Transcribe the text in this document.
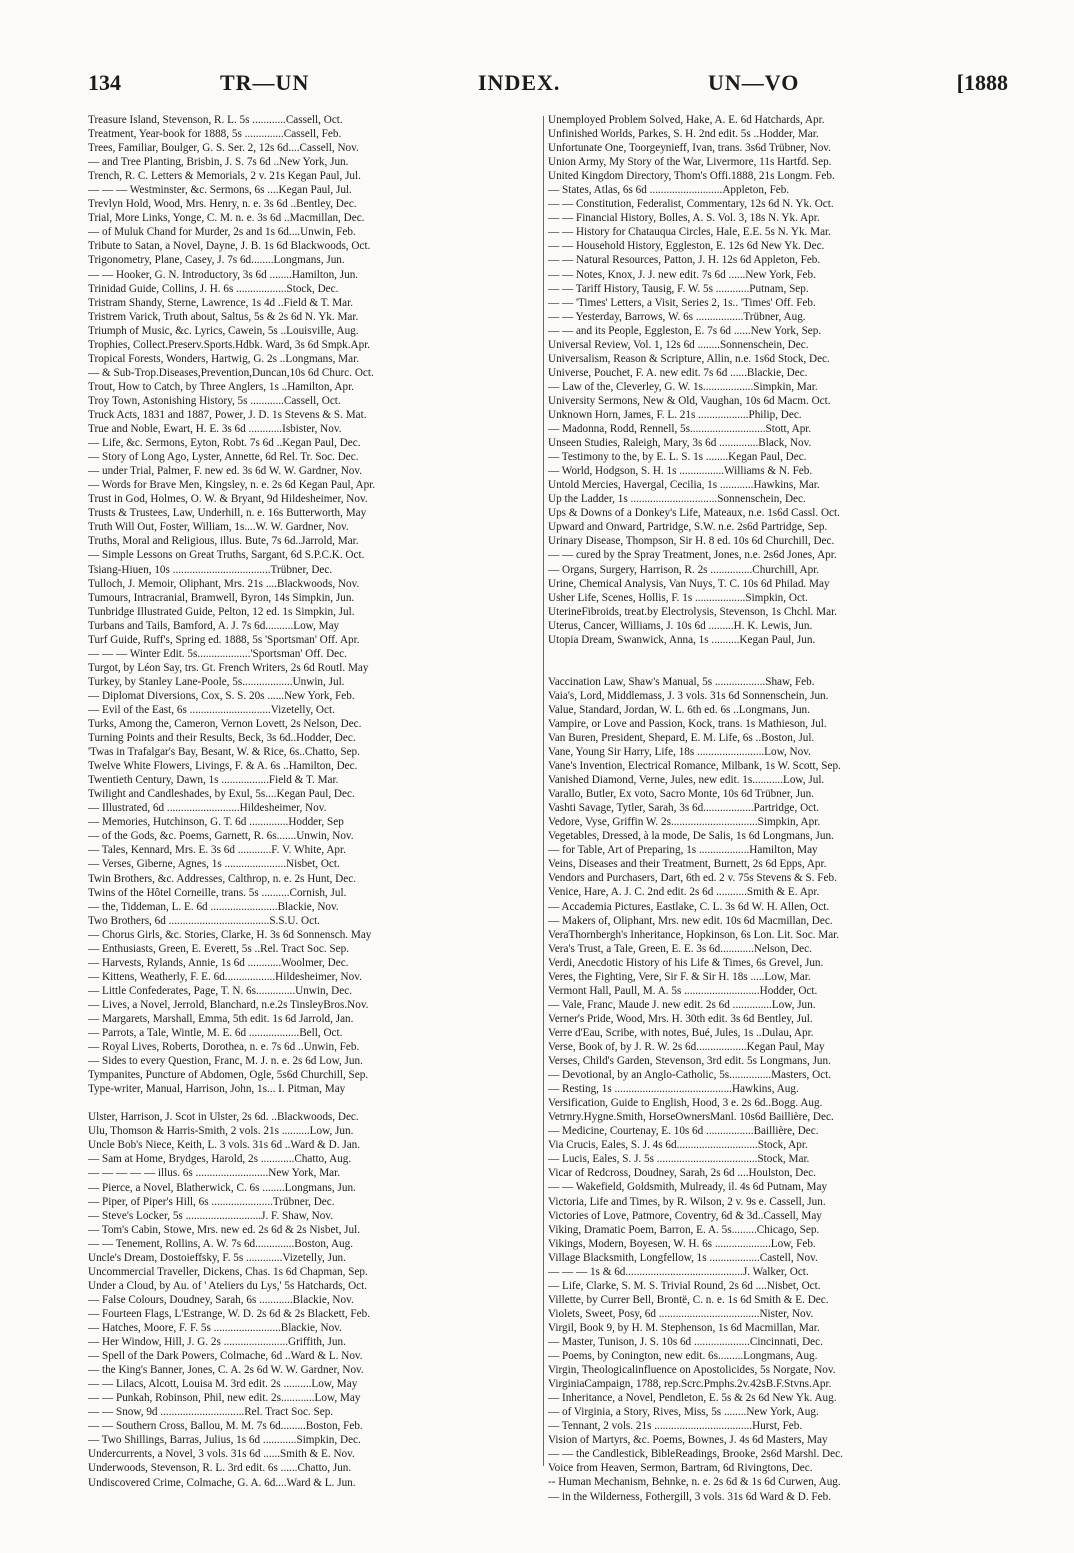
134	TR—UN	INDEX.	UN—VO	[1888
Treasure Island, Stevenson, R. L. 5s ............Cassell, Oct.
Treatment, Year-book for 1888, 5s ..............Cassell, Feb.
Trees, Familiar, Boulger, G. S. Ser. 2, 12s 6d....Cassell, Nov.
— and Tree Planting, Brisbin, J. S. 7s 6d ..New York, Jun.
Trench, R. C. Letters & Memorials, 2 v. 21s Kegan Paul, Jul.
— — — Westminster, &c. Sermons, 6s ....Kegan Paul, Jul.
Trevlyn Hold, Wood, Mrs. Henry, n. e. 3s 6d ..Bentley, Dec.
Trial, More Links, Yonge, C. M. n. e. 3s 6d ..Macmillan, Dec.
— of Muluk Chand for Murder, 2s and 1s 6d....Unwin, Feb.
Tribute to Satan, a Novel, Dayne, J. B. 1s 6d Blackwoods, Oct.
Trigonometry, Plane, Casey, J. 7s 6d........Longmans, Jun.
— — Hooker, G. N. Introductory, 3s 6d ........Hamilton, Jun.
Trinidad Guide, Collins, J. H. 6s ..................Stock, Dec.
Tristram Shandy, Sterne, Lawrence, 1s 4d ..Field & T. Mar.
Tristrem Varick, Truth about, Saltus, 5s & 2s 6d N. Yk. Mar.
Triumph of Music, &c. Lyrics, Cawein, 5s ..Louisville, Aug.
Trophies, Collect.Preserv.Sports.Hdbk. Ward, 3s 6d Smpk.Apr.
Tropical Forests, Wonders, Hartwig, G. 2s ..Longmans, Mar.
— & Sub-Trop.Diseases,Prevention,Duncan,10s 6d Churc. Oct.
Trout, How to Catch, by Three Anglers, 1s ..Hamilton, Apr.
Troy Town, Astonishing History, 5s ............Cassell, Oct.
Truck Acts, 1831 and 1887, Power, J. D. 1s Stevens & S. Mat.
True and Noble, Ewart, H. E. 3s 6d ............Isbister, Nov.
— Life, &c. Sermons, Eyton, Robt. 7s 6d ..Kegan Paul, Dec.
— Story of Long Ago, Lyster, Annette, 6d Rel. Tr. Soc. Dec.
— under Trial, Palmer, F. new ed. 3s 6d W. W. Gardner, Nov.
— Words for Brave Men, Kingsley, n. e. 2s 6d Kegan Paul, Apr.
Trust in God, Holmes, O. W. & Bryant, 9d Hildesheimer, Nov.
Trusts & Trustees, Law, Underhill, n. e. 16s Butterworth, May
Truth Will Out, Foster, William, 1s....W. W. Gardner, Nov.
Truths, Moral and Religious, illus. Bute, 7s 6d..Jarrold, Mar.
— Simple Lessons on Great Truths, Sargant, 6d S.P.C.K. Oct.
Tsiang-Hiuen, 10s ...................................Trübner, Dec.
Tulloch, J. Memoir, Oliphant, Mrs. 21s ....Blackwoods, Nov.
Tumours, Intracranial, Bramwell, Byron, 14s Simpkin, Jun.
Tunbridge Illustrated Guide, Pelton, 12 ed. 1s Simpkin, Jul.
Turbans and Tails, Bamford, A. J. 7s 6d..........Low, May
Turf Guide, Ruff's, Spring ed. 1888, 5s 'Sportsman' Off. Apr.
— — — Winter Edit. 5s...................'Sportsman' Off. Dec.
Turgot, by Léon Say, trs. Gt. French Writers, 2s 6d Routl. May
Turkey, by Stanley Lane-Poole, 5s..................Unwin, Jul.
— Diplomat Diversions, Cox, S. S. 20s ......New York, Feb.
— Evil of the East, 6s .............................Vizetelly, Oct.
Turks, Among the, Cameron, Vernon Lovett, 2s Nelson, Dec.
Turning Points and their Results, Beck, 3s 6d..Hodder, Dec.
'Twas in Trafalgar's Bay, Besant, W. & Rice, 6s..Chatto, Sep.
Twelve White Flowers, Livings, F. & A. 6s ..Hamilton, Dec.
Twentieth Century, Dawn, 1s .................Field & T. Mar.
Twilight and Candleshades, by Exul, 5s....Kegan Paul, Dec.
— Illustrated, 6d ..........................Hildesheimer, Nov.
— Memories, Hutchinson, G. T. 6d ..............Hodder, Sep
— of the Gods, &c. Poems, Garnett, R. 6s.......Unwin, Nov.
— Tales, Kennard, Mrs. E. 3s 6d ............F. V. White, Apr.
— Verses, Giberne, Agnes, 1s ......................Nisbet, Oct.
Twin Brothers, &c. Addresses, Calthrop, n. e. 2s Hunt, Dec.
Twins of the Hôtel Corneille, trans. 5s ..........Cornish, Jul.
— the, Tiddeman, L. E. 6d ........................Blackie, Nov.
Two Brothers, 6d ....................................S.S.U. Oct.
— Chorus Girls, &c. Stories, Clarke, H. 3s 6d Sonnensch. May
— Enthusiasts, Green, E. Everett, 5s ..Rel. Tract Soc. Sep.
— Harvests, Rylands, Annie, 1s 6d ............Woolmer, Dec.
— Kittens, Weatherly, F. E. 6d..................Hildesheimer, Nov.
— Little Confederates, Page, T. N. 6s..............Unwin, Dec.
— Lives, a Novel, Jerrold, Blanchard, n.e.2s TinsleyBros.Nov.
— Margarets, Marshall, Emma, 5th edit. 1s 6d Jarrold, Jan.
— Parrots, a Tale, Wintle, M. E. 6d ..................Bell, Oct.
— Royal Lives, Roberts, Dorothea, n. e. 7s 6d ..Unwin, Feb.
— Sides to every Question, Franc, M. J. n. e. 2s 6d Low, Jun.
Tympanites, Puncture of Abdomen, Ogle, 5s6d Churchill, Sep.
Type-writer, Manual, Harrison, John, 1s... I. Pitman, May
Ulster, Harrison, J. Scot in Ulster, 2s 6d. ..Blackwoods, Dec.
Ulu, Thomson & Harris-Smith, 2 vols. 21s ..........Low, Jun.
Uncle Bob's Niece, Keith, L. 3 vols. 31s 6d ..Ward & D. Jan.
— Sam at Home, Brydges, Harold, 2s ............Chatto, Aug.
— — — — — illus. 6s ..........................New York, Mar.
— Pierce, a Novel, Blatherwick, C. 6s ........Longmans, Jun.
— Piper, of Piper's Hill, 6s ......................Trübner, Dec.
— Steve's Locker, 5s ...........................J. F. Shaw, Nov.
— Tom's Cabin, Stowe, Mrs. new ed. 2s 6d & 2s Nisbet, Jul.
— — Tenement, Rollins, A. W. 7s 6d..............Boston, Aug.
Uncle's Dream, Dostoieffsky, F. 5s .............Vizetelly, Jun.
Uncommercial Traveller, Dickens, Chas. 1s 6d Chapman, Sep.
Under a Cloud, by Au. of ' Ateliers du Lys,' 5s Hatchards, Oct.
— False Colours, Doudney, Sarah, 6s ............Blackie, Nov.
— Fourteen Flags, L'Estrange, W. D. 2s 6d & 2s Blackett, Feb.
— Hatches, Moore, F. F. 5s ........................Blackie, Nov.
— Her Window, Hill, J. G. 2s .......................Griffith, Jun.
— Spell of the Dark Powers, Colmache, 6d ..Ward & L. Nov.
— the King's Banner, Jones, C. A. 2s 6d W. W. Gardner, Nov.
— — Lilacs, Alcott, Louisa M. 3rd edit. 2s ..........Low, May
— — Punkah, Robinson, Phil, new edit. 2s............Low, May
— — Snow, 9d ..............................Rel. Tract Soc. Sep.
— — Southern Cross, Ballou, M. M. 7s 6d.........Boston, Feb.
— Two Shillings, Barras, Julius, 1s 6d ............Simpkin, Dec.
Undercurrents, a Novel, 3 vols. 31s 6d ......Smith & E. Nov.
Underwoods, Stevenson, R. L. 3rd edit. 6s ......Chatto, Jun.
Undiscovered Crime, Colmache, G. A. 6d....Ward & L. Jun.
Unemployed Problem Solved, Hake, A. E. 6d Hatchards, Apr.
Unfinished Worlds, Parkes, S. H. 2nd edit. 5s ..Hodder, Mar.
Unfortunate One, Toorgeynieff, Ivan, trans. 3s6d Trübner, Nov.
Union Army, My Story of the War, Livermore, 11s Hartfd. Sep.
United Kingdom Directory, Thom's Offi.1888, 21s Longm. Feb.
— States, Atlas, 6s 6d ..........................Appleton, Feb.
— — Constitution, Federalist, Commentary, 12s 6d N. Yk. Oct.
— — Financial History, Bolles, A. S. Vol. 3, 18s N. Yk. Apr.
— — History for Chatauqua Circles, Hale, E.E. 5s N. Yk. Mar.
— — Household History, Eggleston, E. 12s 6d New Yk. Dec.
— — Natural Resources, Patton, J. H. 12s 6d Appleton, Feb.
— — Notes, Knox, J. J. new edit. 7s 6d ......New York, Feb.
— — Tariff History, Tausig, F. W. 5s ............Putnam, Sep.
— — 'Times' Letters, a Visit, Series 2, 1s.. 'Times' Off. Feb.
— — Yesterday, Barrows, W. 6s .................Trübner, Aug.
— — and its People, Eggleston, E. 7s 6d ......New York, Sep.
Universal Review, Vol. 1, 12s 6d ........Sonnenschein, Dec.
Universalism, Reason & Scripture, Allin, n.e. 1s6d Stock, Dec.
Universe, Pouchet, F. A. new edit. 7s 6d ......Blackie, Dec.
— Law of the, Cleverley, G. W. 1s..................Simpkin, Mar.
University Sermons, New & Old, Vaughan, 10s 6d Macm. Oct.
Unknown Horn, James, F. L. 21s ..................Philip, Dec.
— Madonna, Rodd, Rennell, 5s...........................Stott, Apr.
Unseen Studies, Raleigh, Mary, 3s 6d ..............Black, Nov.
— Testimony to the, by E. L. S. 1s ........Kegan Paul, Dec.
— World, Hodgson, S. H. 1s ................Williams & N. Feb.
Untold Mercies, Havergal, Cecilia, 1s ............Hawkins, Mar.
Up the Ladder, 1s ...............................Sonnenschein, Dec.
Ups & Downs of a Donkey's Life, Mateaux, n.e. 1s6d Cassl. Oct.
Upward and Onward, Partridge, S.W. n.e. 2s6d Partridge, Sep.
Urinary Disease, Thompson, Sir H. 8 ed. 10s 6d Churchill, Dec.
— — cured by the Spray Treatment, Jones, n.e. 2s6d Jones, Apr.
— Organs, Surgery, Harrison, R. 2s ...............Churchill, Apr.
Urine, Chemical Analysis, Van Nuys, T. C. 10s 6d Philad. May
Usher Life, Scenes, Hollis, F. 1s ..................Simpkin, Oct.
UterineFibroids, treat.by Electrolysis, Stevenson, 1s Chchl. Mar.
Uterus, Cancer, Williams, J. 10s 6d .........H. K. Lewis, Jun.
Utopia Dream, Swanwick, Anna, 1s ..........Kegan Paul, Jun.
Vaccination Law, Shaw's Manual, 5s ..................Shaw, Feb.
Vaia's, Lord, Middlemass, J. 3 vols. 31s 6d Sonnenschein, Jun.
Value, Standard, Jordan, W. L. 6th ed. 6s ..Longmans, Jun.
Vampire, or Love and Passion, Kock, trans. 1s Mathieson, Jul.
Van Buren, President, Shepard, E. M. Life, 6s ..Boston, Jul.
Vane, Young Sir Harry, Life, 18s ........................Low, Nov.
Vane's Invention, Electrical Romance, Milbank, 1s W. Scott, Sep.
Vanished Diamond, Verne, Jules, new edit. 1s...........Low, Jul.
Varallo, Butler, Ex voto, Sacro Monte, 10s 6d Trübner, Jun.
Vashti Savage, Tytler, Sarah, 3s 6d..................Partridge, Oct.
Vedore, Vyse, Griffin W. 2s...............................Simpkin, Apr.
Vegetables, Dressed, à la mode, De Salis, 1s 6d Longmans, Jun.
— for Table, Art of Preparing, 1s ..................Hamilton, May
Veins, Diseases and their Treatment, Burnett, 2s 6d Epps, Apr.
Vendors and Purchasers, Dart, 6th ed. 2 v. 75s Stevens & S. Feb.
Venice, Hare, A. J. C. 2nd edit. 2s 6d ...........Smith & E. Apr.
— Accademia Pictures, Eastlake, C. L. 3s 6d W. H. Allen, Oct.
— Makers of, Oliphant, Mrs. new edit. 10s 6d Macmillan, Dec.
VeraThornbergh's Inheritance, Hopkinson, 6s Lon. Lit. Soc. Mar.
Vera's Trust, a Tale, Green, E. E. 3s 6d............Nelson, Dec.
Verdi, Anecdotic History of his Life & Times, 6s Grevel, Jun.
Veres, the Fighting, Vere, Sir F. & Sir H. 18s .....Low, Mar.
Vermont Hall, Paull, M. A. 5s ...........................Hodder, Oct.
— Vale, Franc, Maude J. new edit. 2s 6d ..............Low, Jun.
Verner's Pride, Wood, Mrs. H. 30th edit. 3s 6d Bentley, Jul.
Verre d'Eau, Scribe, with notes, Bué, Jules, 1s ..Dulau, Apr.
Verse, Book of, by J. R. W. 2s 6d..................Kegan Paul, May
Verses, Child's Garden, Stevenson, 3rd edit. 5s Longmans, Jun.
— Devotional, by an Anglo-Catholic, 5s...............Masters, Oct.
— Resting, 1s ..........................................Hawkins, Aug.
Versification, Guide to English, Hood, 3 e. 2s 6d..Bogg. Aug.
Vetrnry.Hygne.Smith, HorseOwnersManl. 10s6d Baillière, Dec.
— Medicine, Courtenay, E. 10s 6d .................Baillière, Dec.
Via Crucis, Eales, S. J. 4s 6d.............................Stock, Apr.
— Lucis, Eales, S. J. 5s ....................................Stock, Mar.
Vicar of Redcross, Doudney, Sarah, 2s 6d ....Houlston, Dec.
— — Wakefield, Goldsmith, Mulready, il. 4s 6d Putnam, May
Victoria, Life and Times, by R. Wilson, 2 v. 9s e. Cassell, Jun.
Victories of Love, Patmore, Coventry, 6d & 3d..Cassell, May
Viking, Dramatic Poem, Barron, E. A. 5s.........Chicago, Sep.
Vikings, Modern, Boyesen, W. H. 6s ....................Low, Feb.
Village Blacksmith, Longfellow, 1s ..................Castell, Nov.
— — — 1s & 6d..........................................J. Walker, Oct.
— Life, Clarke, S. M. S. Trivial Round, 2s 6d ....Nisbet, Oct.
Villette, by Currer Bell, Brontë, C. n. e. 1s 6d Smith & E. Dec.
Violets, Sweet, Posy, 6d ....................................Nister, Nov.
Virgil, Book 9, by H. M. Stephenson, 1s 6d Macmillan, Mar.
— Master, Tunison, J. S. 10s 6d ....................Cincinnati, Dec.
— Poems, by Conington, new edit. 6s.........Longmans, Aug.
Virgin, Theologicalinfluence on Apostolicides, 5s Norgate, Nov.
VirginiaCampaign, 1788, rep.Scrc.Pmphs.2v.42sB.F.Stvns.Apr.
— Inheritance, a Novel, Pendleton, E. 5s & 2s 6d New Yk. Aug.
— of Virginia, a Story, Rives, Miss, 5s ........New York, Aug.
— Tennant, 2 vols. 21s ...................................Hurst, Feb.
Vision of Martyrs, &c. Poems, Bownes, J. 4s 6d Masters, May
— — the Candlestick, BibleReadings, Brooke, 2s6d Marshl. Dec.
Voice from Heaven, Sermon, Bartram, 6d Rivingtons, Dec.
-- Human Mechanism, Behnke, n. e. 2s 6d & 1s 6d Curwen, Aug.
— in the Wilderness, Fothergill, 3 vols. 31s 6d Ward & D. Feb.
